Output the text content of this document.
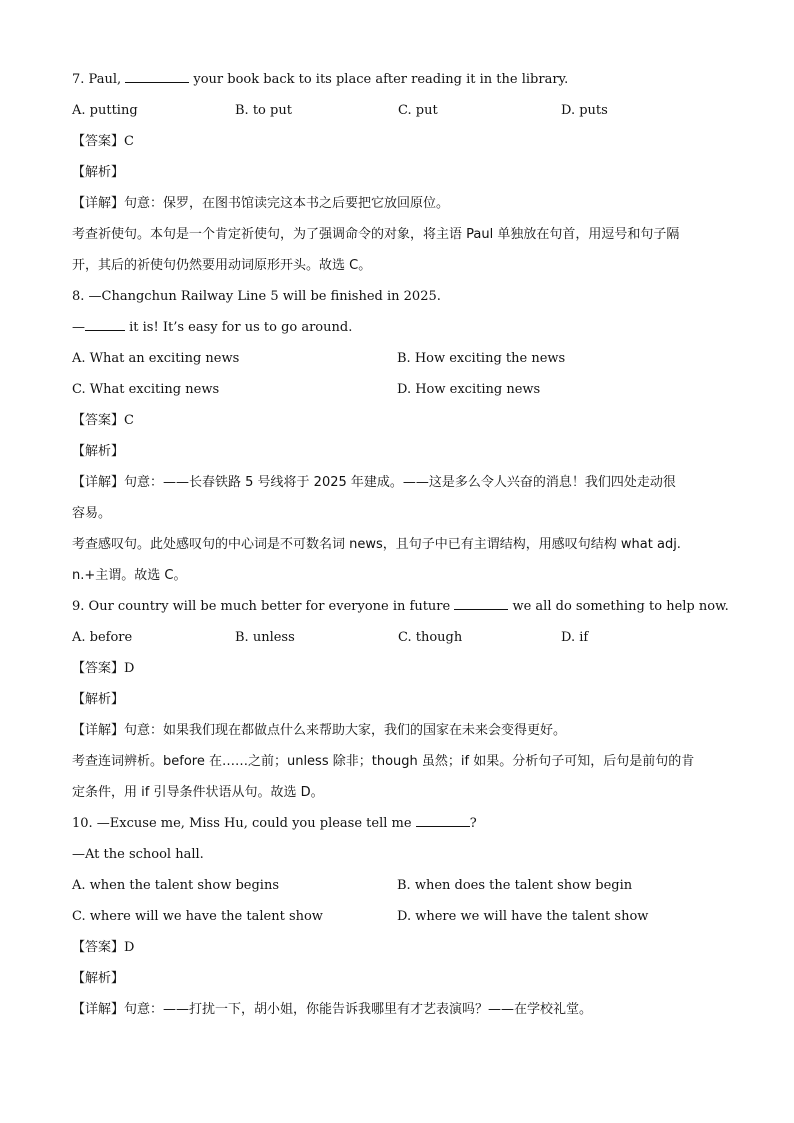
7. Paul,	your book back to its place after reading it in the library.
A. putting	B. to put	C. put	D. puts
【答案】C
【解析】
【详解】句意：保罗，在图书馆读完这本书之后要把它放回原位。
考查祈使句。本句是一个肯定祈使句，为了强调命令的对象，将主语 Paul 单独放在句首，用逗号和句子隔
开，其后的祈使句仍然要用动词原形开头。故选 C。
8. —Changchun Railway Line 5 will be finished in 2025.
—	it is! It’s easy for us to go around.
A. What an exciting news	B. How exciting the news
C. What exciting news	D. How exciting news
【答案】C
【解析】
【详解】句意：——长春铁路 5 号线将于 2025 年建成。——这是多么令人兴奋的消息！我们四处走动很
容易。
考查感叹句。此处感叹句的中心词是不可数名词 news，且句子中已有主谓结构，用感叹句结构 what adj.
n.+主谓。故选 C。
9. Our country will be much better for everyone in future	we all do something to help now.
A. before	B. unless	C. though	D. if
【答案】D
【解析】
【详解】句意：如果我们现在都做点什么来帮助大家，我们的国家在未来会变得更好。
考查连词辨析。before 在……之前；unless 除非；though 虽然；if 如果。分析句子可知，后句是前句的肯
定条件，用 if 引导条件状语从句。故选 D。
10. —Excuse me, Miss Hu, could you please tell me	?
—At the school hall.
A. when the talent show begins	B. when does the talent show begin
C. where will we have the talent show	D. where we will have the talent show
【答案】D
【解析】
【详解】句意：——打扰一下，胡小姐，你能告诉我哪里有才艺表演吗？——在学校礼堂。
